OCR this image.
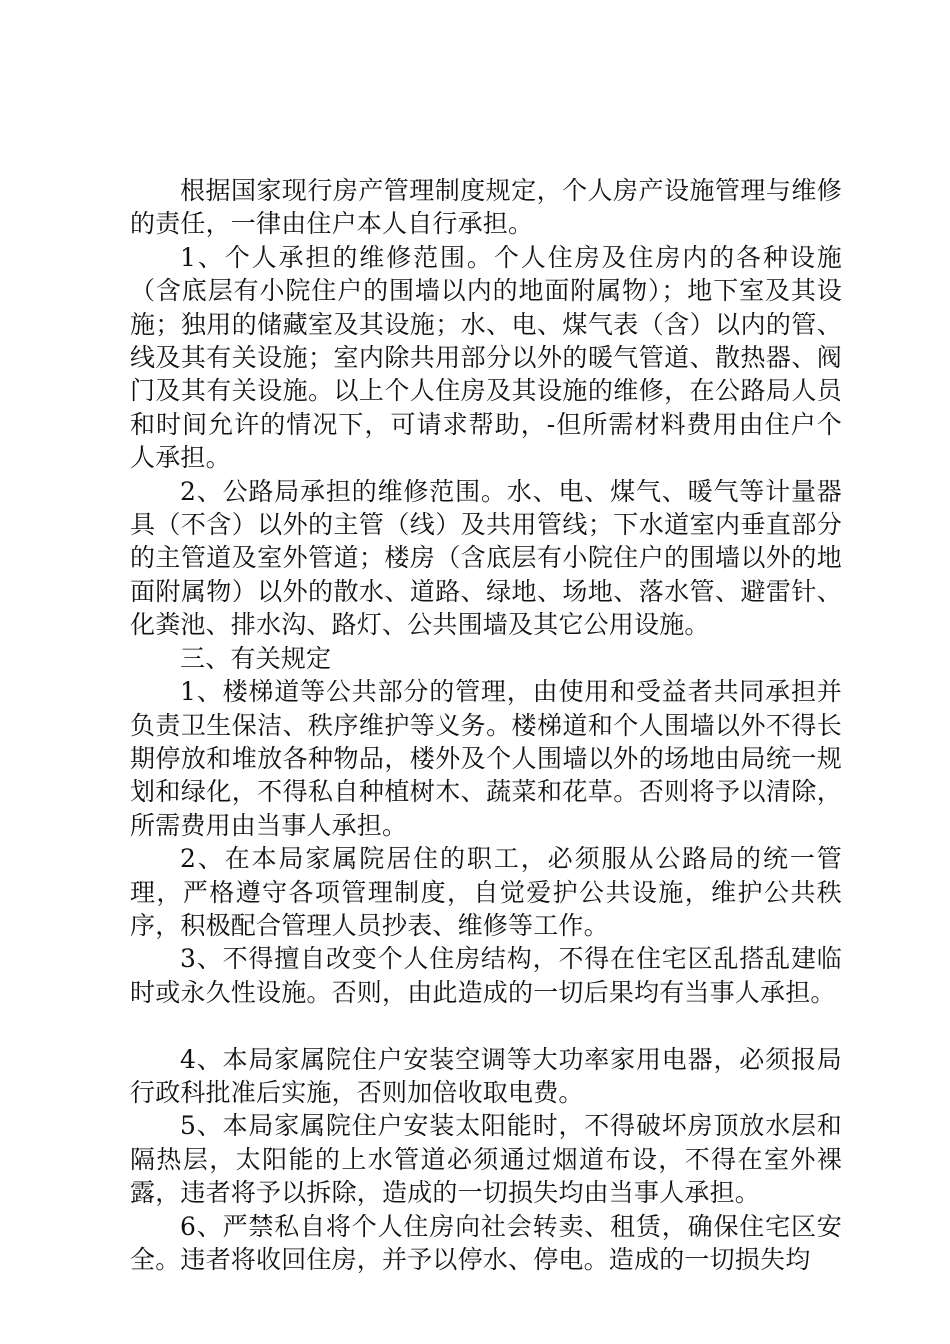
根据国家现行房产管理制度规定，个人房产设施管理与维修的责任，一律由住户本人自行承担。

1、个人承担的维修范围。个人住房及住房内的各种设施（含底层有小院住户的围墙以内的地面附属物）；地下室及其设施；独用的储藏室及其设施；水、电、煤气表（含）以内的管、线及其有关设施；室内除共用部分以外的暖气管道、散热器、阀门及其有关设施。以上个人住房及其设施的维修，在公路局人员和时间允许的情况下，可请求帮助，-但所需材料费用由住户个人承担。

2、公路局承担的维修范围。水、电、煤气、暖气等计量器具（不含）以外的主管（线）及共用管线；下水道室内垂直部分的主管道及室外管道；楼房（含底层有小院住户的围墙以外的地面附属物）以外的散水、道路、绿地、场地、落水管、避雷针、化粪池、排水沟、路灯、公共围墙及其它公用设施。

三、有关规定

1、楼梯道等公共部分的管理，由使用和受益者共同承担并负责卫生保洁、秩序维护等义务。楼梯道和个人围墙以外不得长期停放和堆放各种物品，楼外及个人围墙以外的场地由局统一规划和绿化，不得私自种植树木、蔬菜和花草。否则将予以清除，所需费用由当事人承担。

2、在本局家属院居住的职工，必须服从公路局的统一管理，严格遵守各项管理制度，自觉爱护公共设施，维护公共秩序，积极配合管理人员抄表、维修等工作。

3、不得擅自改变个人住房结构，不得在住宅区乱搭乱建临时或永久性设施。否则，由此造成的一切后果均有当事人承担。

4、本局家属院住户安装空调等大功率家用电器，必须报局行政科批准后实施，否则加倍收取电费。

5、本局家属院住户安装太阳能时，不得破坏房顶放水层和隔热层，太阳能的上水管道必须通过烟道布设，不得在室外裸露，违者将予以拆除，造成的一切损失均由当事人承担。

6、严禁私自将个人住房向社会转卖、租赁，确保住宅区安全。违者将收回住房，并予以停水、停电。造成的一切损失均
